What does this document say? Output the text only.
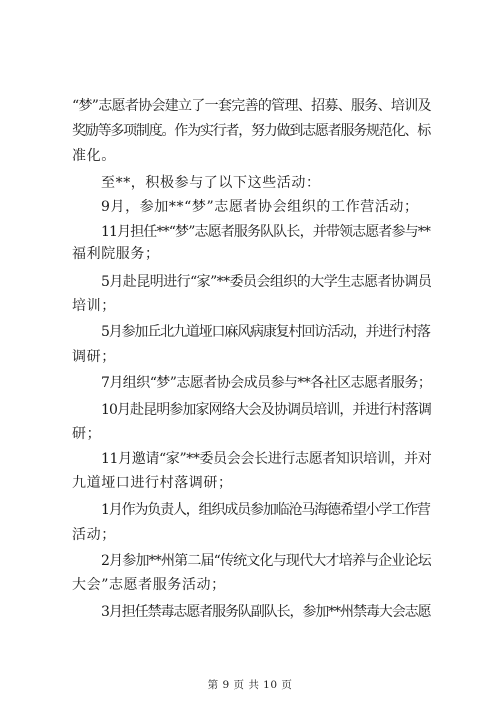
“梦”志愿者协会建立了一套完善的管理、招募、服务、培训及
奖励等多项制度。作为实行者，努力做到志愿者服务规范化、标
准化。
至**，积极参与了以下这些活动：
9月，参加**“梦”志愿者协会组织的工作营活动；
11月担任**“梦”志愿者服务队队长，并带领志愿者参与**
福利院服务；
5月赴昆明进行“家”**委员会组织的大学生志愿者协调员
培训；
5月参加丘北九道垭口麻风病康复村回访活动，并进行村落
调研；
7月组织“梦”志愿者协会成员参与**各社区志愿者服务；
10月赴昆明参加家网络大会及协调员培训，并进行村落调
研；
11月邀请“家”**委员会会长进行志愿者知识培训，并对
九道垭口进行村落调研；
1月作为负责人，组织成员参加临沧马海德希望小学工作营
活动；
2月参加**州第二届“传统文化与现代大才培养与企业论坛
大会”志愿者服务活动；
3月担任禁毒志愿者服务队副队长，参加**州禁毒大会志愿
第 9 页 共 10 页
